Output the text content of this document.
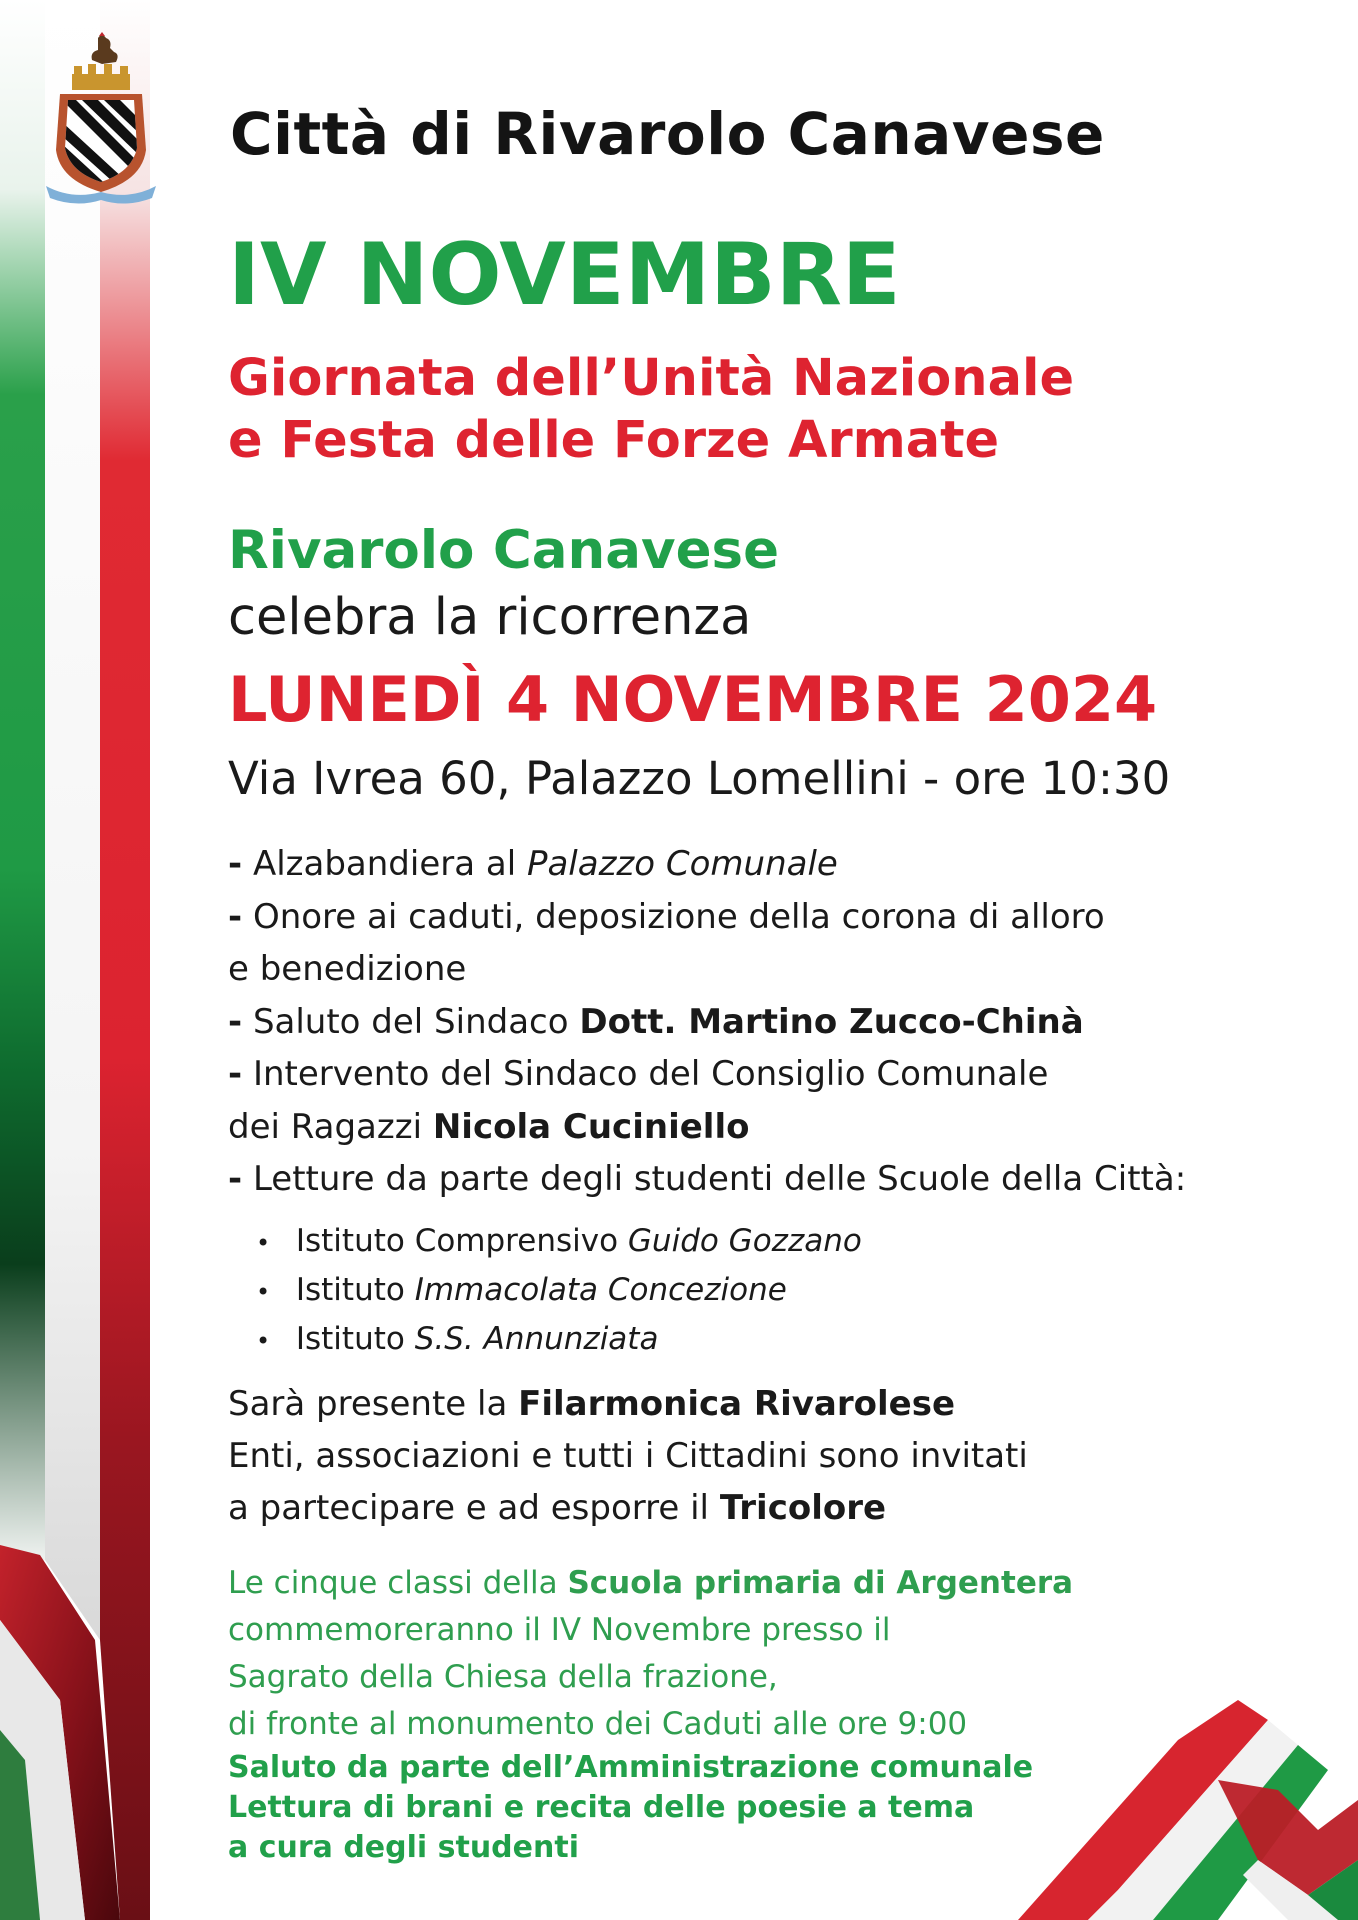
Città di Rivarolo Canavese
IV NOVEMBRE
Giornata dell’Unità Nazionale
e Festa delle Forze Armate
Rivarolo Canavese
celebra la ricorrenza
LUNEDÌ 4 NOVEMBRE 2024
Via Ivrea 60, Palazzo Lomellini - ore 10:30
- Alzabandiera al Palazzo Comunale
- Onore ai caduti, deposizione della corona di alloro
e benedizione
- Saluto del Sindaco Dott. Martino Zucco-Chinà
- Intervento del Sindaco del Consiglio Comunale
dei Ragazzi Nicola Cuciniello
- Letture da parte degli studenti delle Scuole della Città:
• Istituto Comprensivo Guido Gozzano
• Istituto Immacolata Concezione
• Istituto S.S. Annunziata
Sarà presente la Filarmonica Rivarolese
Enti, associazioni e tutti i Cittadini sono invitati
a partecipare e ad esporre il Tricolore
Le cinque classi della Scuola primaria di Argentera
commemoreranno il IV Novembre presso il
Sagrato della Chiesa della frazione,
di fronte al monumento dei Caduti alle ore 9:00
Saluto da parte dell’Amministrazione comunale
Lettura di brani e recita delle poesie a tema
a cura degli studenti
